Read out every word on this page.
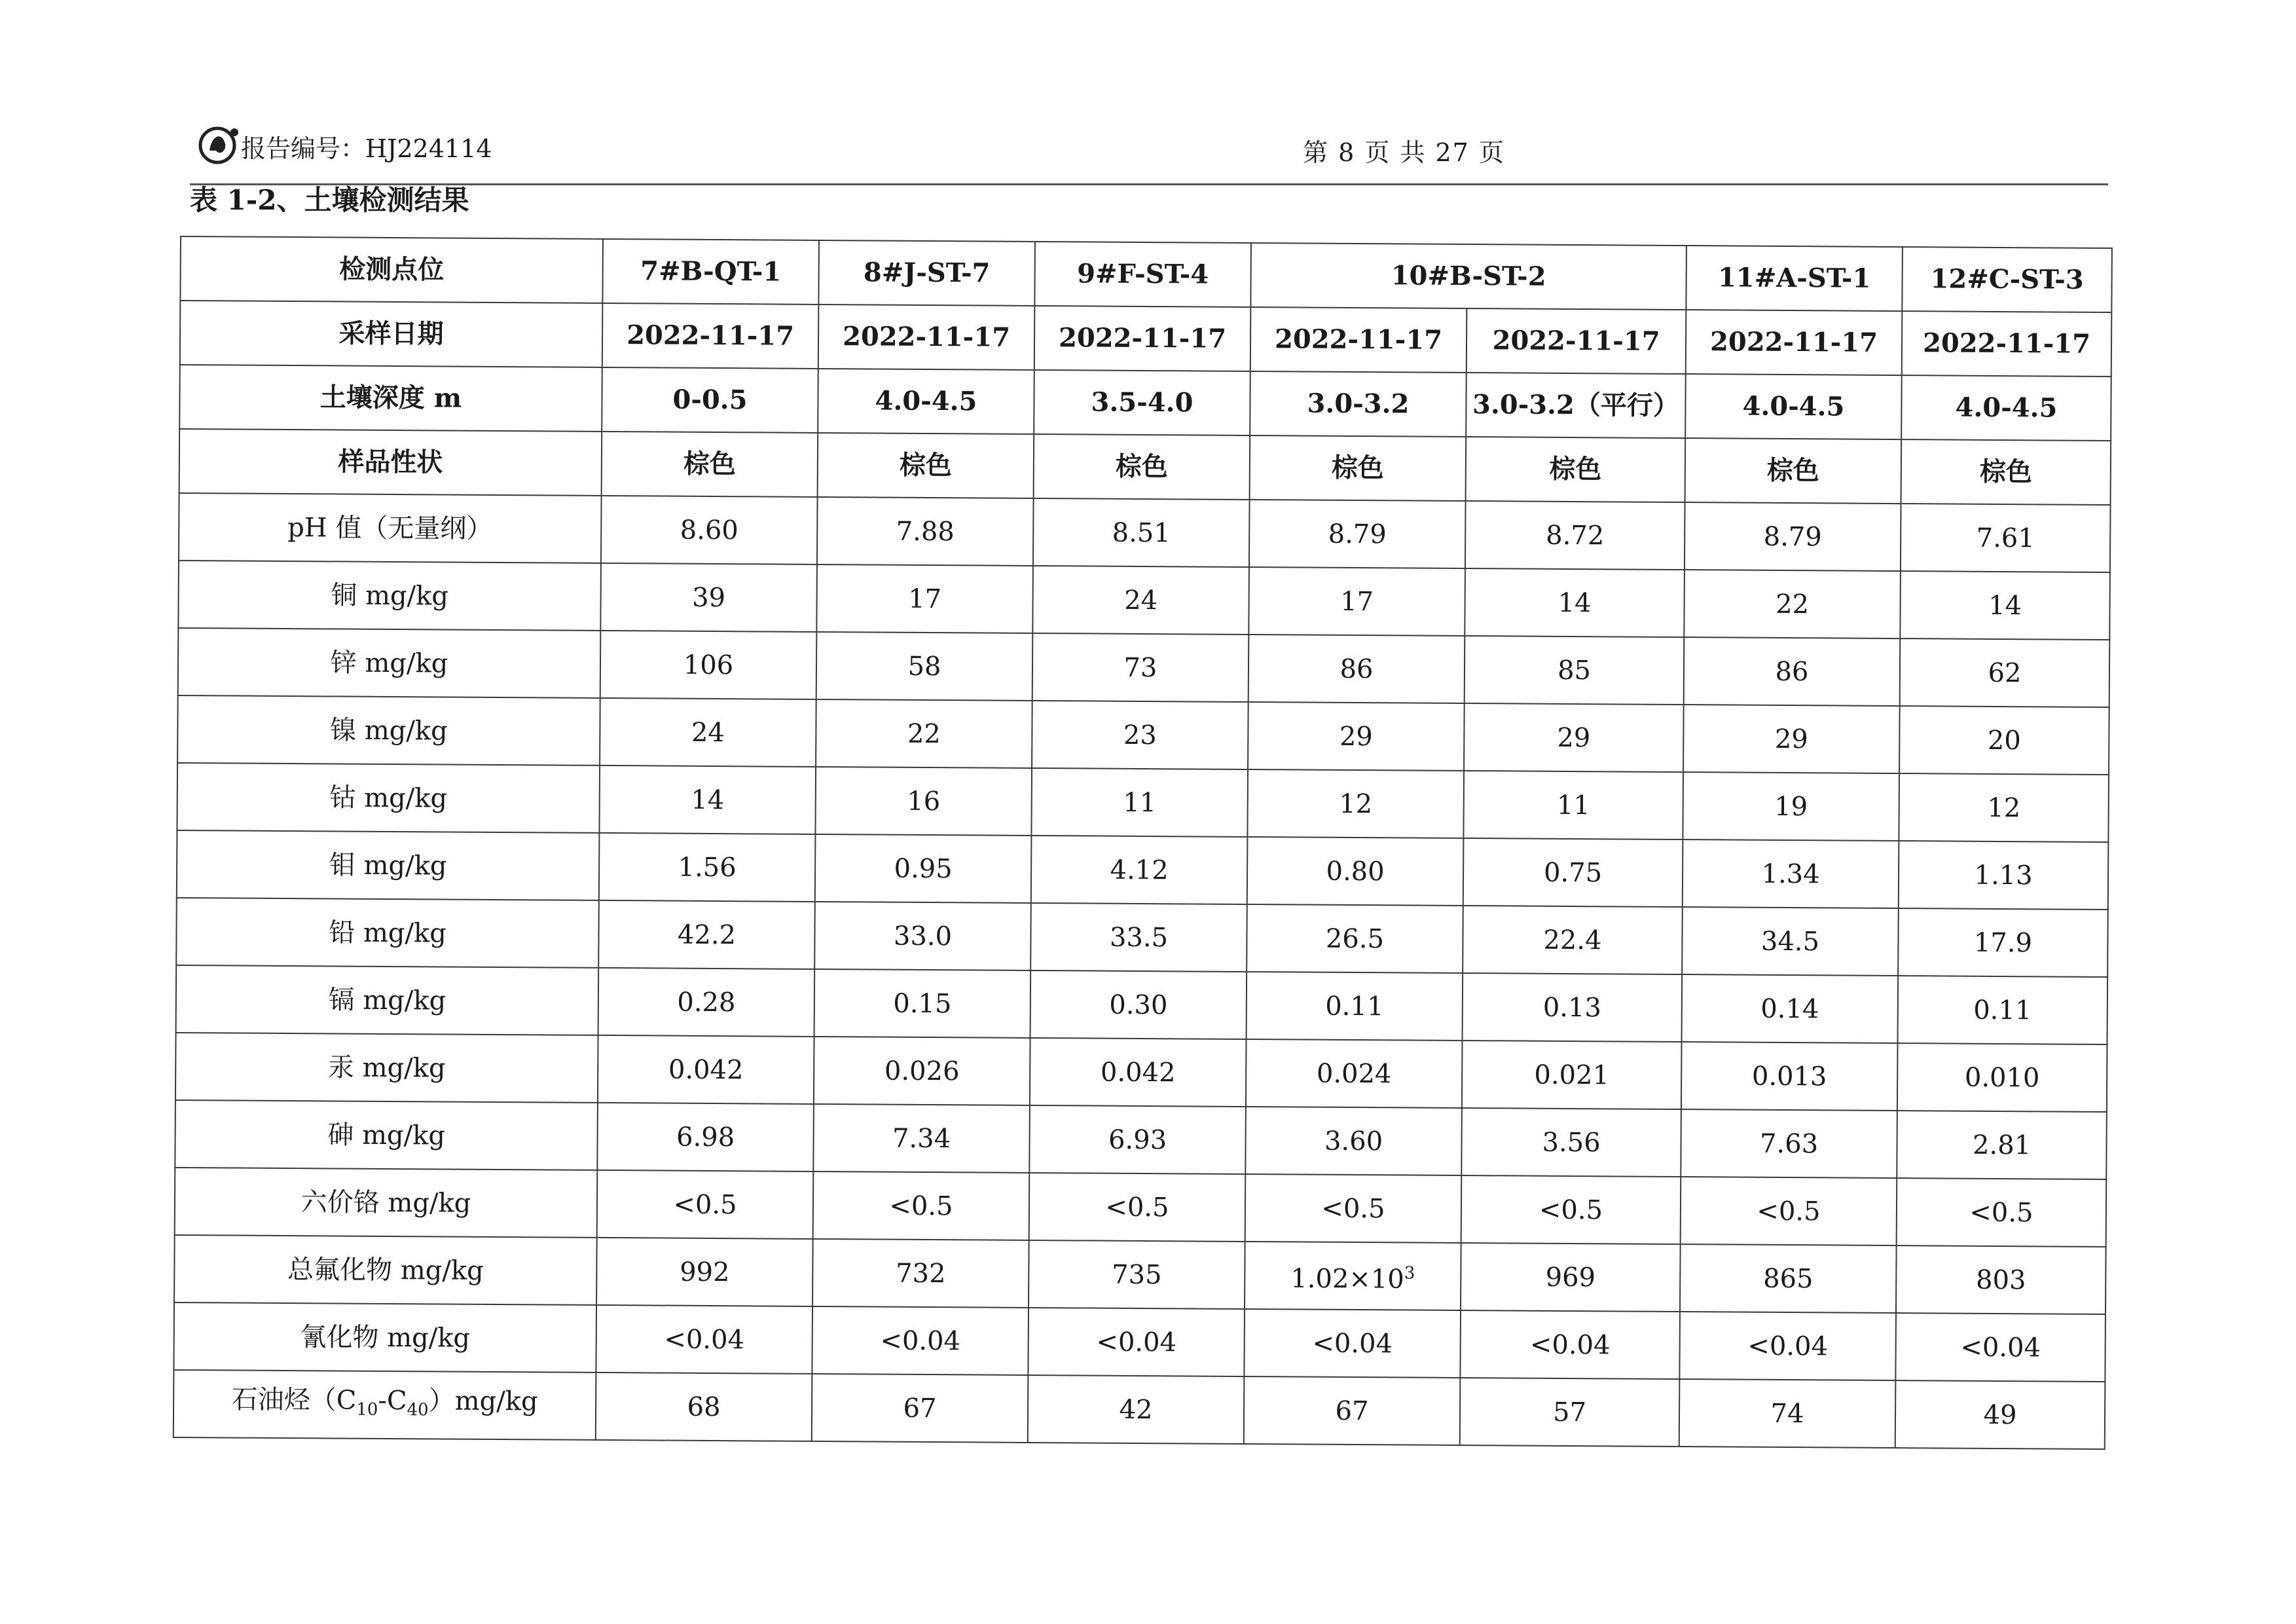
报告编号：HJ224114	第 8 页 共 27 页
表 1-2、土壤检测结果
检测点位	7#B-QT-1	8#J-ST-7	9#F-ST-4	10#B-ST-2		11#A-ST-1	12#C-ST-3
采样日期	2022-11-17	2022-11-17	2022-11-17	2022-11-17	2022-11-17	2022-11-17	2022-11-17
土壤深度 m	0-0.5	4.0-4.5	3.5-4.0	3.0-3.2	3.0-3.2（平行）	4.0-4.5	4.0-4.5
样品性状	棕色	棕色	棕色	棕色	棕色	棕色	棕色
pH 值（无量纲）	8.60	7.88	8.51	8.79	8.72	8.79	7.61
铜 mg/kg	39	17	24	17	14	22	14
锌 mg/kg	106	58	73	86	85	86	62
镍 mg/kg	24	22	23	29	29	29	20
钴 mg/kg	14	16	11	12	11	19	12
钼 mg/kg	1.56	0.95	4.12	0.80	0.75	1.34	1.13
铅 mg/kg	42.2	33.0	33.5	26.5	22.4	34.5	17.9
镉 mg/kg	0.28	0.15	0.30	0.11	0.13	0.14	0.11
汞 mg/kg	0.042	0.026	0.042	0.024	0.021	0.013	0.010
砷 mg/kg	6.98	7.34	6.93	3.60	3.56	7.63	2.81
六价铬 mg/kg	<0.5	<0.5	<0.5	<0.5	<0.5	<0.5	<0.5
总氟化物 mg/kg	992	732	735	$1.02\times 10^3$	969	865	803
氰化物 mg/kg	<0.04	<0.04	<0.04	<0.04	<0.04	<0.04	<0.04
石油烃$(C_{10}-C_{40})mg/kg$	68	67	42	67	57	74	49
